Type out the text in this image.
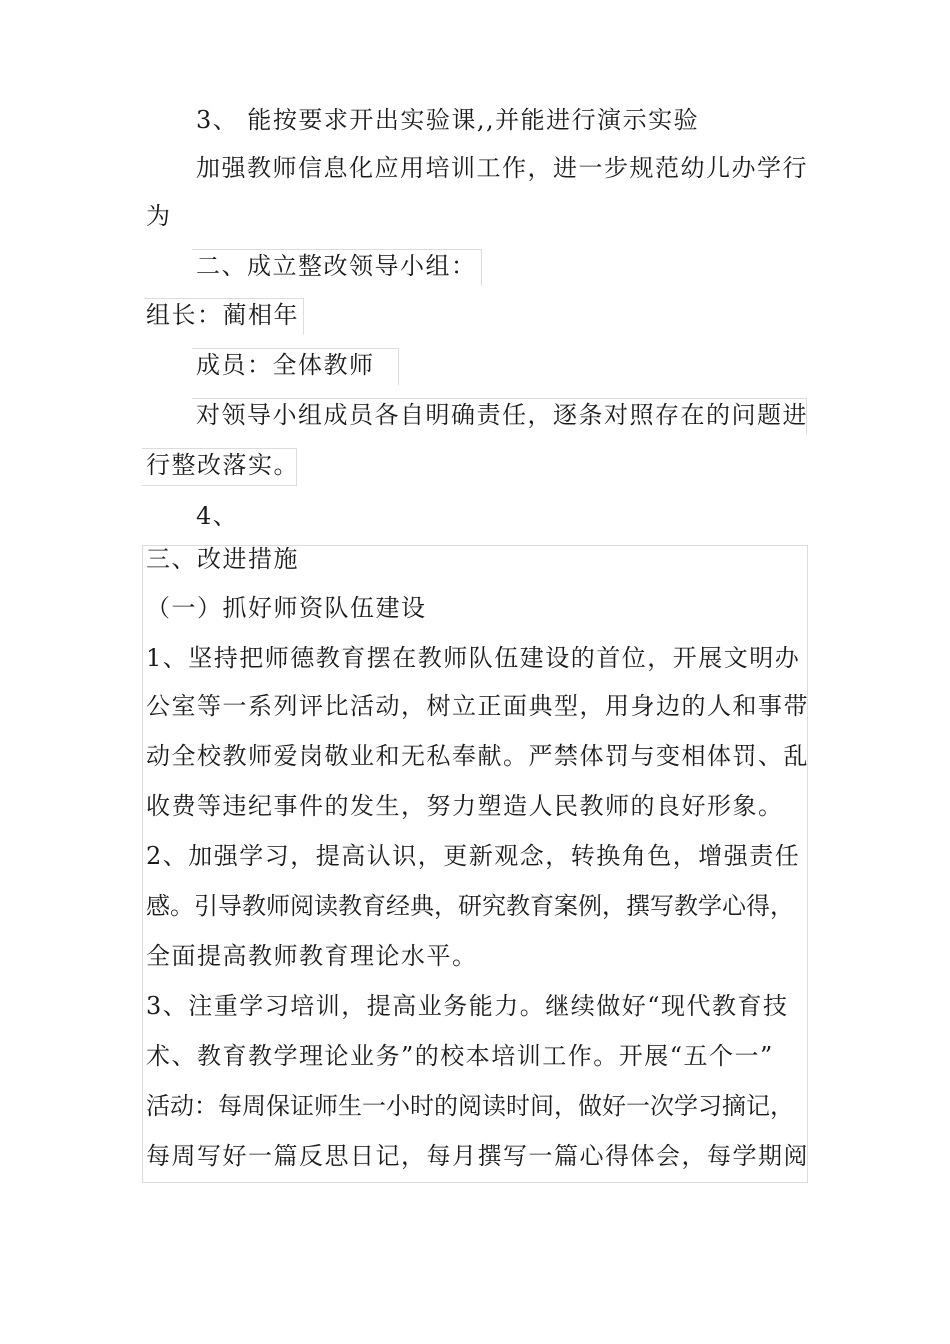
3、 能按要求开出实验课,,并能进行演示实验
加强教师信息化应用培训工作，进一步规范幼儿办学行
为
二、成立整改领导小组：
组长：蔺相年
成员：全体教师
对领导小组成员各自明确责任，逐条对照存在的问题进
行整改落实。
4、
三、改进措施
（一）抓好师资队伍建设
1、坚持把师德教育摆在教师队伍建设的首位，开展文明办
公室等一系列评比活动，树立正面典型，用身边的人和事带
动全校教师爱岗敬业和无私奉献。严禁体罚与变相体罚、乱
收费等违纪事件的发生，努力塑造人民教师的良好形象。
2、加强学习，提高认识，更新观念，转换角色，增强责任
感。引导教师阅读教育经典，研究教育案例，撰写教学心得，
全面提高教师教育理论水平。
3、注重学习培训，提高业务能力。继续做好“现代教育技
术、教育教学理论业务”的校本培训工作。开展“五个一”
活动：每周保证师生一小时的阅读时间，做好一次学习摘记，
每周写好一篇反思日记，每月撰写一篇心得体会，每学期阅
